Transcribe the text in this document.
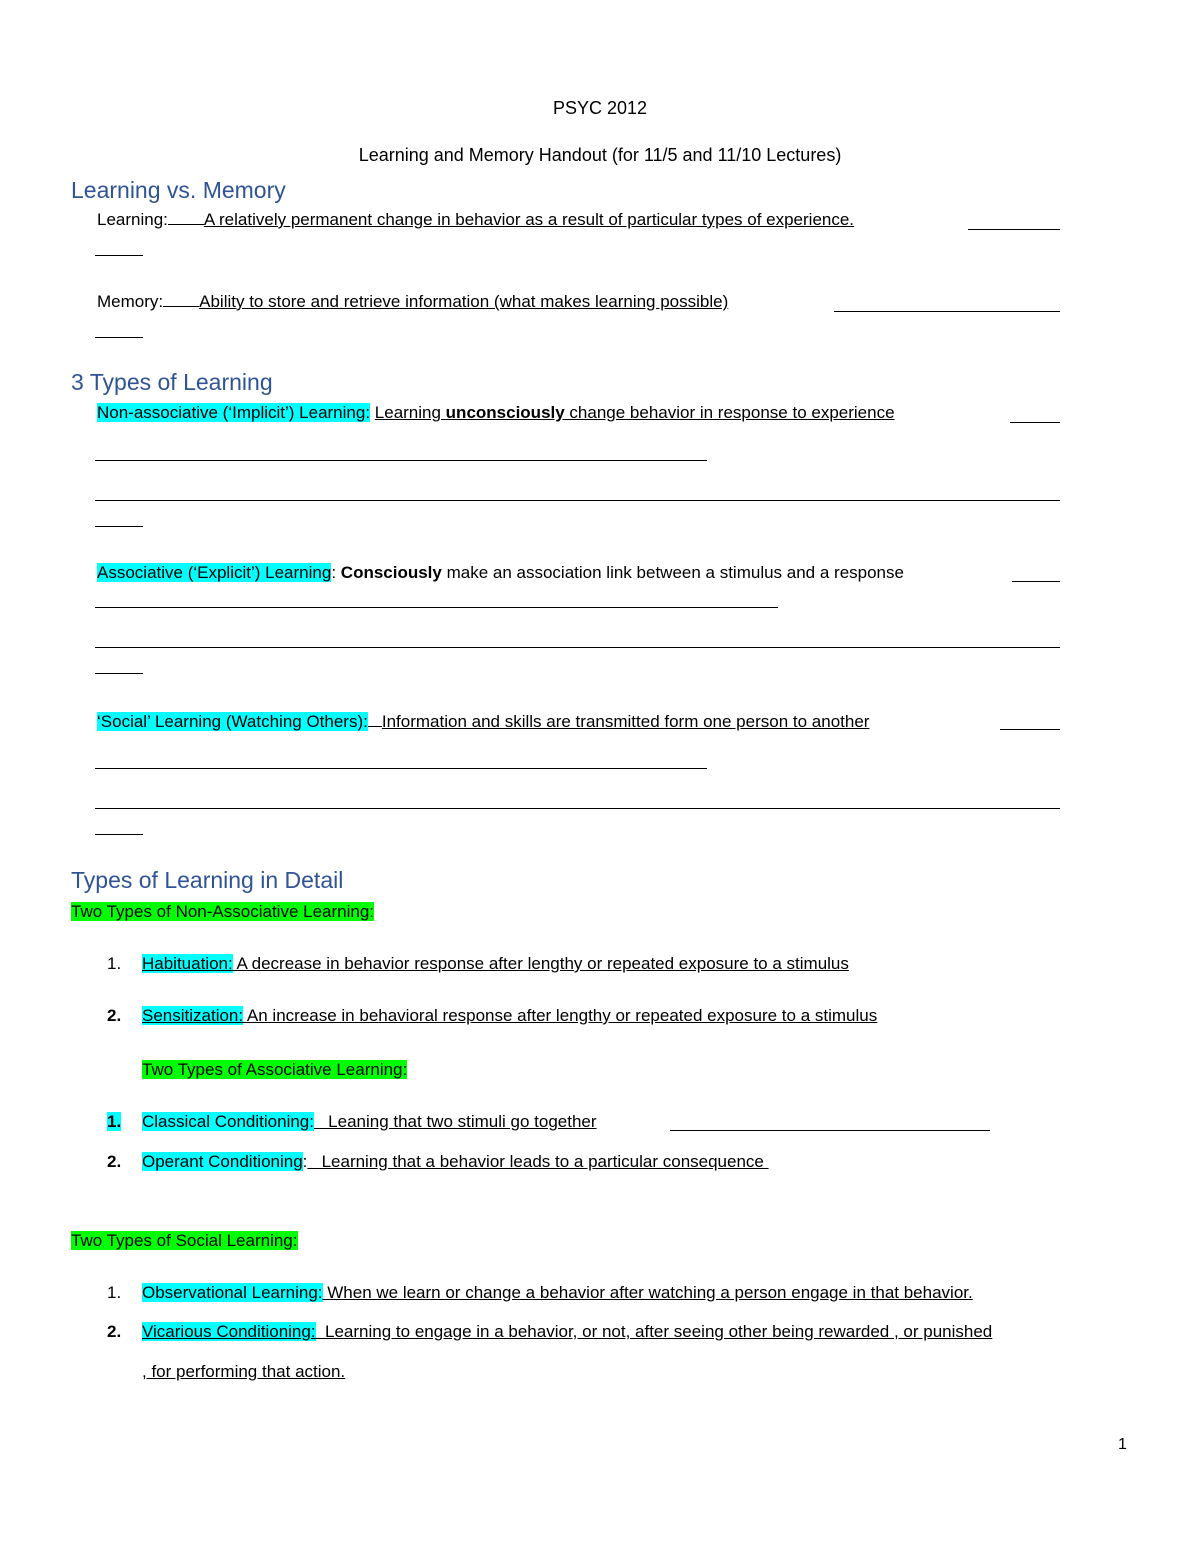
PSYC 2012
Learning and Memory Handout (for 11/5 and 11/10 Lectures)
Learning vs. Memory
Learning: A relatively permanent change in behavior as a result of particular types of experience.
Memory: Ability to store and retrieve information (what makes learning possible)
3 Types of Learning
Non-associative (‘Implicit’) Learning: Learning unconsciously change behavior in response to experience
Associative (‘Explicit’) Learning: Consciously make an association link between a stimulus and a response
‘Social’ Learning (Watching Others): Information and skills are transmitted form one person to another
Types of Learning in Detail
Two Types of Non-Associative Learning:
1. Habituation: A decrease in behavior response after lengthy or repeated exposure to a stimulus
2. Sensitization: An increase in behavioral response after lengthy or repeated exposure to a stimulus
Two Types of Associative Learning:
1. Classical Conditioning:   Leaning that two stimuli go together
2. Operant Conditioning:   Learning that a behavior leads to a particular consequence
Two Types of Social Learning:
1. Observational Learning: When we learn or change a behavior after watching a person engage in that behavior.
2. Vicarious Conditioning:  Learning to engage in a behavior, or not, after seeing other being rewarded , or punished
, for performing that action.
1
